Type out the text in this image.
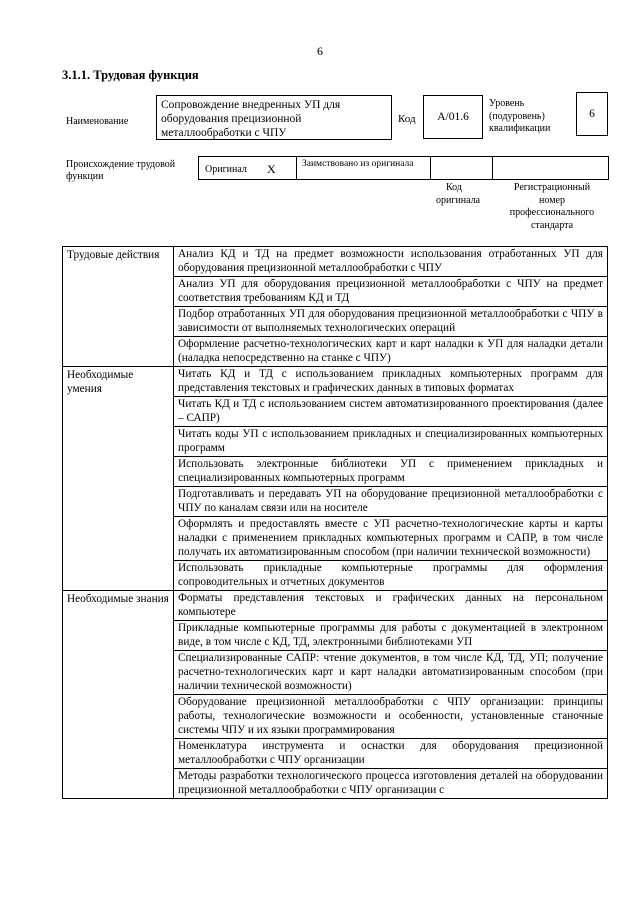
6
3.1.1. Трудовая функция
Наименование
Сопровождение внедренных УП для оборудования прецизионной металлообработки с ЧПУ
Код	А/01.6
Уровень (подуровень) квалификации
6
Происхождение трудовой функции
Оригинал X	Заимствовано из оригинала
Код оригинала
Регистрационный номер профессионального стандарта
Трудовые действия	Анализ КД и ТД на предмет возможности использования отработанных УП для оборудования прецизионной металлообработки с ЧПУ
	Анализ УП для оборудования прецизионной металлообработки с ЧПУ на предмет соответствия требованиям КД и ТД
	Подбор отработанных УП для оборудования прецизионной металлообработки с ЧПУ в зависимости от выполняемых технологических операций
	Оформление расчетно-технологических карт и карт наладки к УП для наладки детали (наладка непосредственно на станке с ЧПУ)
Необходимые умения	Читать КД и ТД с использованием прикладных компьютерных программ для представления текстовых и графических данных в типовых форматах
	Читать КД и ТД с использованием систем автоматизированного проектирования (далее – САПР)
	Читать коды УП с использованием прикладных и специализированных компьютерных программ
	Использовать электронные библиотеки УП с применением прикладных и специализированных компьютерных программ
	Подготавливать и передавать УП на оборудование прецизионной металлообработки с ЧПУ по каналам связи или на носителе
	Оформлять и предоставлять вместе с УП расчетно-технологические карты и карты наладки с применением прикладных компьютерных программ и САПР, в том числе получать их автоматизированным способом (при наличии технической возможности)
	Использовать прикладные компьютерные программы для оформления сопроводительных и отчетных документов
Необходимые знания	Форматы представления текстовых и графических данных на персональном компьютере
	Прикладные компьютерные программы для работы с документацией в электронном виде, в том числе с КД, ТД, электронными библиотеками УП
	Специализированные САПР: чтение документов, в том числе КД, ТД, УП; получение расчетно-технологических карт и карт наладки автоматизированным способом (при наличии технической возможности)
	Оборудование прецизионной металлообработки с ЧПУ организации: принципы работы, технологические возможности и особенности, установленные станочные системы ЧПУ и их языки программирования
	Номенклатура инструмента и оснастки для оборудования прецизионной металлообработки с ЧПУ организации
	Методы разработки технологического процесса изготовления деталей на оборудовании прецизионной металлообработки с ЧПУ организации с
